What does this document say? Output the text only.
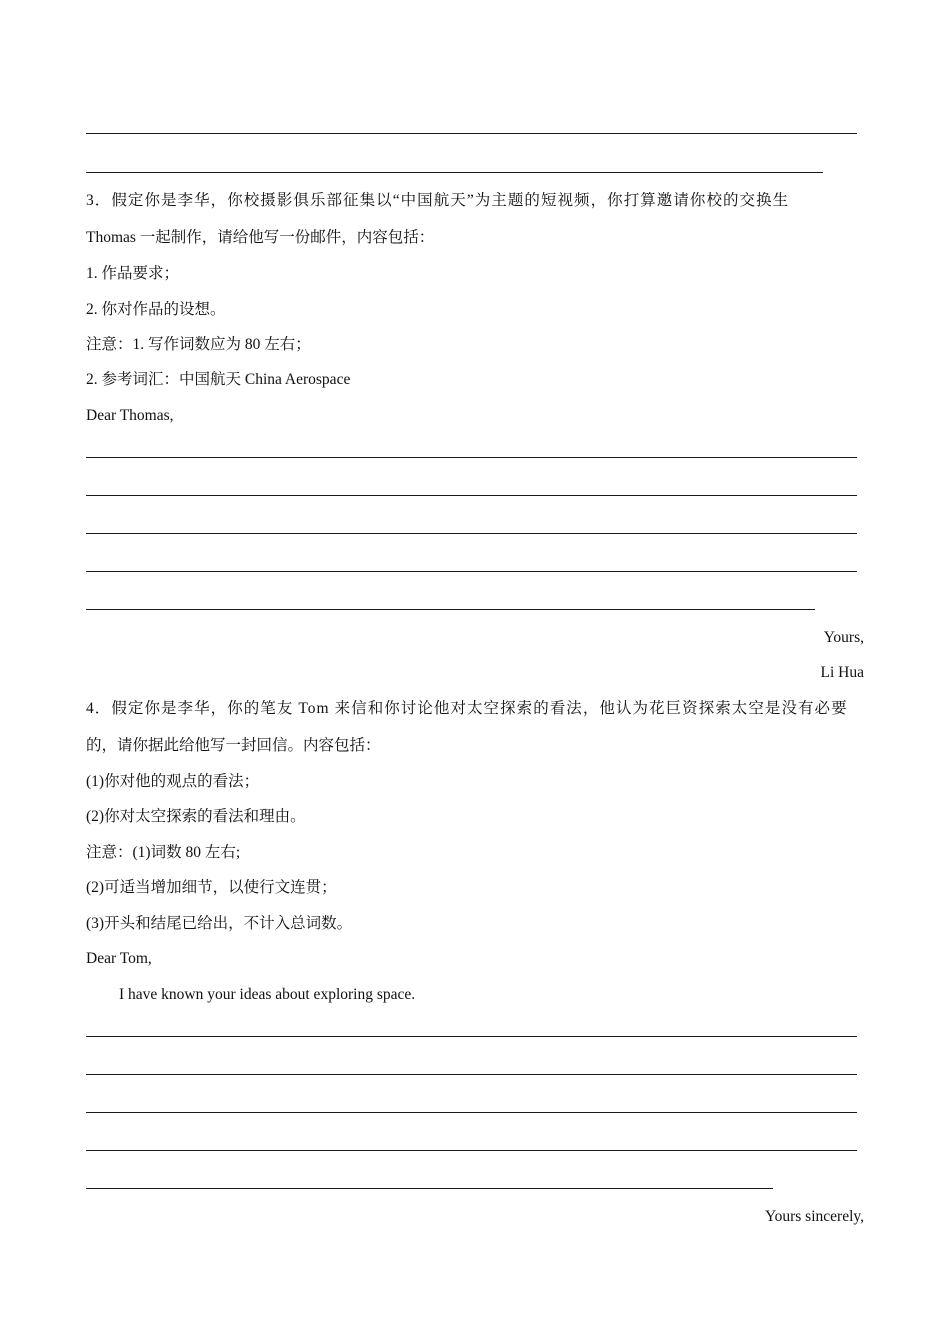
3．假定你是李华，你校摄影俱乐部征集以“中国航天”为主题的短视频，你打算邀请你校的交换生
Thomas 一起制作，请给他写一份邮件，内容包括：
1. 作品要求；
2. 你对作品的设想。
注意：1. 写作词数应为 80 左右；
2. 参考词汇：中国航天 China Aerospace
Dear Thomas,
Yours,
Li Hua
4．假定你是李华，你的笔友 Tom 来信和你讨论他对太空探索的看法，他认为花巨资探索太空是没有必要
的，请你据此给他写一封回信。内容包括：
(1)你对他的观点的看法；
(2)你对太空探索的看法和理由。
注意：(1)词数 80 左右;
(2)可适当增加细节，以使行文连贯；
(3)开头和结尾已给出，不计入总词数。
Dear Tom,
I have known your ideas about exploring space.
Yours sincerely,
